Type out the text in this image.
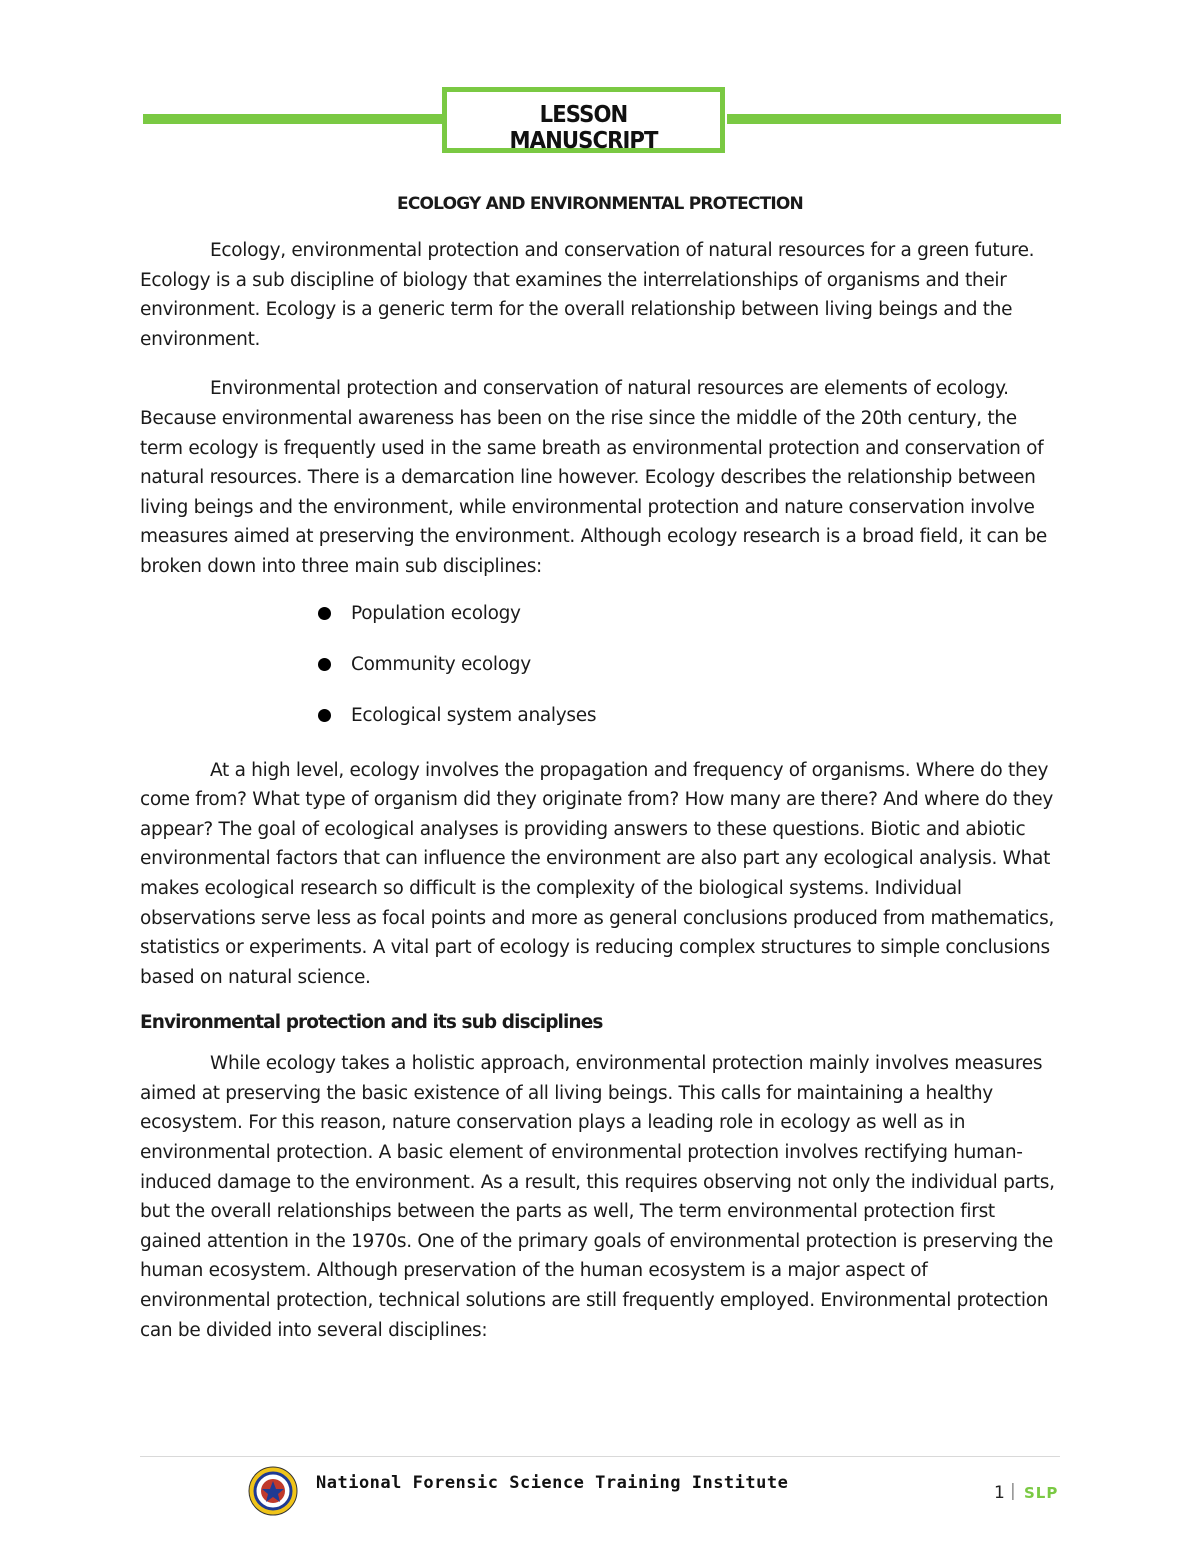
LESSON
MANUSCRIPT
ECOLOGY AND ENVIRONMENTAL PROTECTION

Ecology, environmental protection and conservation of natural resources for a green future. Ecology is a sub discipline of biology that examines the interrelationships of organisms and their environment. Ecology is a generic term for the overall relationship between living beings and the environment.

Environmental protection and conservation of natural resources are elements of ecology. Because environmental awareness has been on the rise since the middle of the 20th century, the term ecology is frequently used in the same breath as environmental protection and conservation of natural resources. There is a demarcation line however. Ecology describes the relationship between living beings and the environment, while environmental protection and nature conservation involve measures aimed at preserving the environment. Although ecology research is a broad field, it can be broken down into three main sub disciplines:

Population ecology
Community ecology
Ecological system analyses

At a high level, ecology involves the propagation and frequency of organisms. Where do they come from? What type of organism did they originate from? How many are there? And where do they appear? The goal of ecological analyses is providing answers to these questions. Biotic and abiotic environmental factors that can influence the environment are also part any ecological analysis. What makes ecological research so difficult is the complexity of the biological systems. Individual observations serve less as focal points and more as general conclusions produced from mathematics, statistics or experiments. A vital part of ecology is reducing complex structures to simple conclusions based on natural science.

Environmental protection and its sub disciplines

While ecology takes a holistic approach, environmental protection mainly involves measures aimed at preserving the basic existence of all living beings. This calls for maintaining a healthy ecosystem. For this reason, nature conservation plays a leading role in ecology as well as in environmental protection. A basic element of environmental protection involves rectifying human-induced damage to the environment. As a result, this requires observing not only the individual parts, but the overall relationships between the parts as well, The term environmental protection first gained attention in the 1970s. One of the primary goals of environmental protection is preserving the human ecosystem. Although preservation of the human ecosystem is a major aspect of environmental protection, technical solutions are still frequently employed. Environmental protection can be divided into several disciplines:

National Forensic Science Training Institute	1 | SLP
